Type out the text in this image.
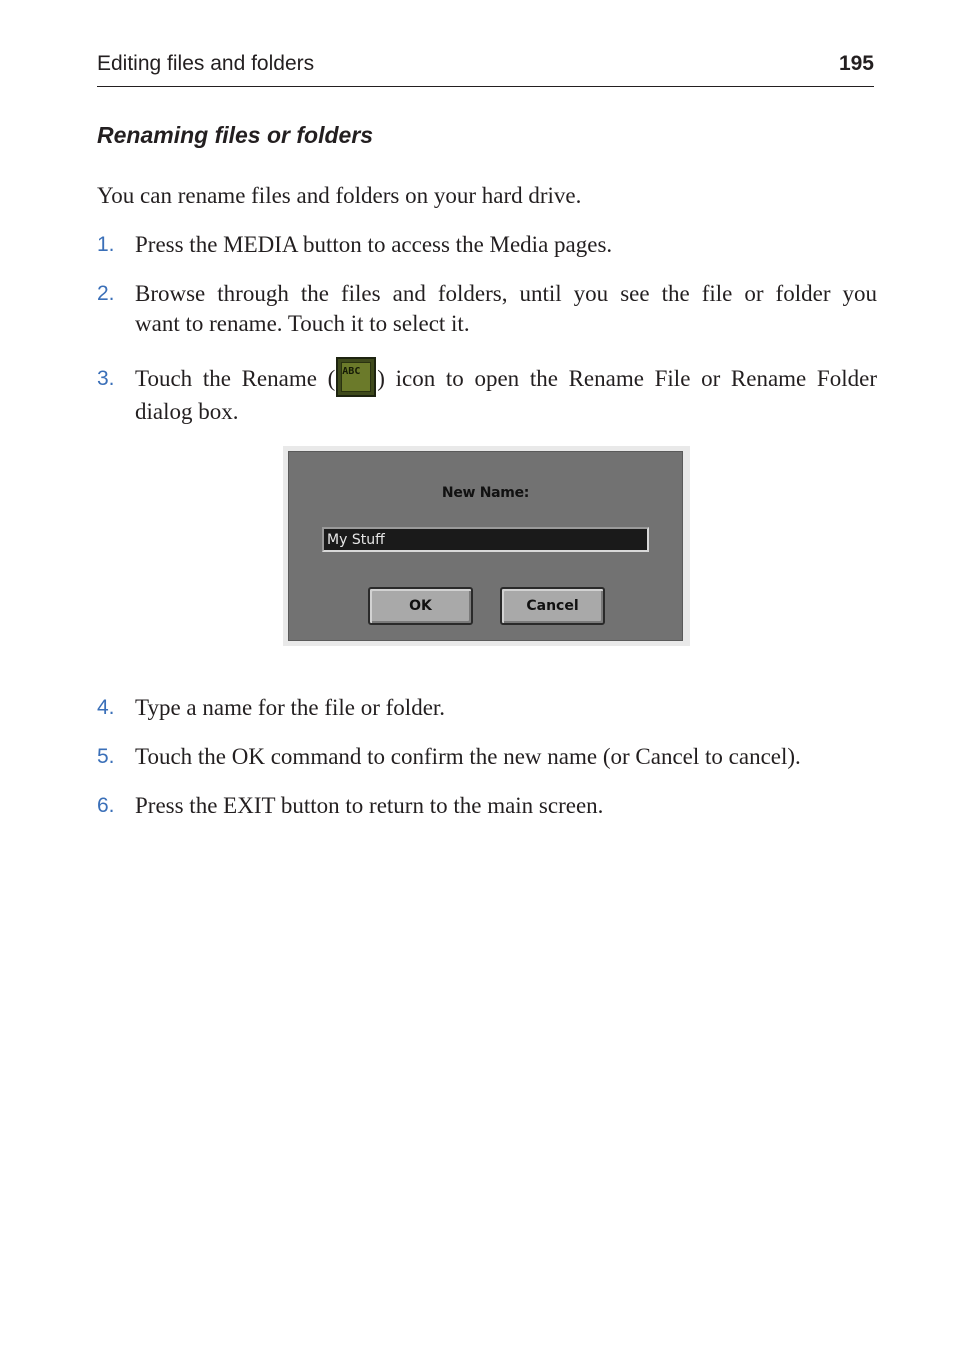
Editing files and folders	195
Renaming files or folders
You can rename files and folders on your hard drive.
1. Press the MEDIA button to access the Media pages.
2. Browse through the files and folders, until you see the file or folder you
want to rename. Touch it to select it.
3. Touch the Rename ( ABC ) icon to open the Rename File or Rename Folder
dialog box.
New Name:
My Stuff
OK	Cancel
4. Type a name for the file or folder.
5. Touch the OK command to confirm the new name (or Cancel to cancel).
6. Press the EXIT button to return to the main screen.
